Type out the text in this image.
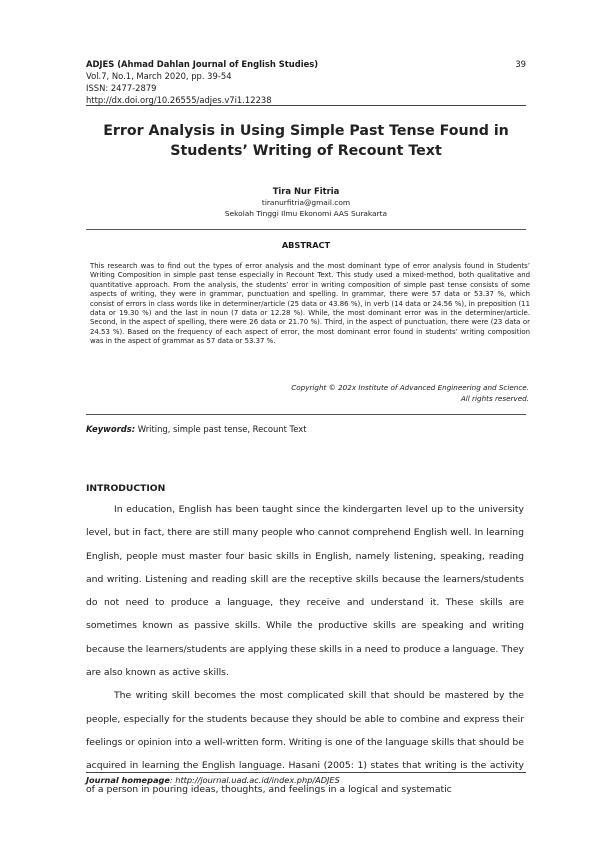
ADJES (Ahmad Dahlan Journal of English Studies)
Vol.7, No.1, March 2020, pp. 39-54
ISSN: 2477-2879
http://dx.doi.org/10.26555/adjes.v7i1.12238
39
Error Analysis in Using Simple Past Tense Found in Students’ Writing of Recount Text
Tira Nur Fitria
tiranurfitria@gmail.com
Sekolah Tinggi Ilmu Ekonomi AAS Surakarta
ABSTRACT
This research was to find out the types of error analysis and the most dominant type of error analysis found in Students’ Writing Composition in simple past tense especially in Recount Text. This study used a mixed-method, both qualitative and quantitative approach. From the analysis, the students’ error in writing composition of simple past tense consists of some aspects of writing, they were in grammar, punctuation and spelling. In grammar, there were 57 data or 53.37 %, which consist of errors in class words like in determiner/article (25 data or 43.86 %), in verb (14 data or 24.56 %), in preposition (11 data or 19.30 %) and the last in noun (7 data or 12.28 %). While, the most dominant error was in the determiner/article. Second, in the aspect of spelling, there were 26 data or 21.70 %). Third, in the aspect of punctuation, there were (23 data or 24.53 %). Based on the frequency of each aspect of error, the most dominant error found in students’ writing composition was in the aspect of grammar as 57 data or 53.37 %.
Copyright © 202x Institute of Advanced Engineering and Science.
All rights reserved.
Keywords: Writing, simple past tense, Recount Text
INTRODUCTION

In education, English has been taught since the kindergarten level up to the university level, but in fact, there are still many people who cannot comprehend English well. In learning English, people must master four basic skills in English, namely listening, speaking, reading and writing. Listening and reading skill are the receptive skills because the learners/students do not need to produce a language, they receive and understand it. These skills are sometimes known as passive skills. While the productive skills are speaking and writing because the learners/students are applying these skills in a need to produce a language. They are also known as active skills.

The writing skill becomes the most complicated skill that should be mastered by the people, especially for the students because they should be able to combine and express their feelings or opinion into a well-written form. Writing is one of the language skills that should be acquired in learning the English language. Hasani (2005: 1) states that writing is the activity of a person in pouring ideas, thoughts, and feelings in a logical and systematic

Journal homepage: http://journal.uad.ac.id/index.php/ADJES
